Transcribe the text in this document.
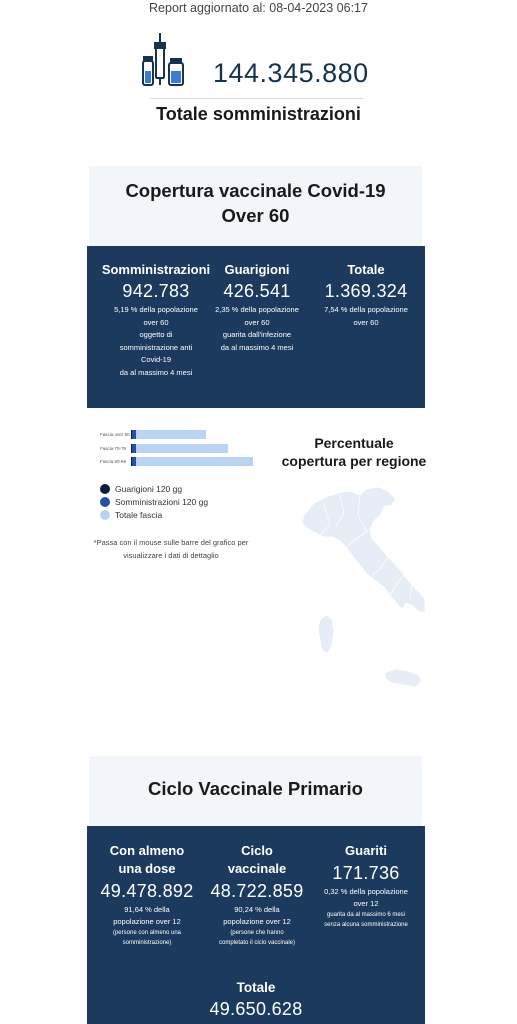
Report aggiornato al: 08-04-2023 06:17
144.345.880
Totale somministrazioni
Copertura vaccinale Covid-19
Over 60
Somministrazioni
942.783
5,19 % della popolazione
over 60
oggetto di
somministrazione anti
Covid-19
da al massimo 4 mesi
Guarigioni
426.541
2,35 % della popolazione
over 60
guarita dall'infezione
da al massimo 4 mesi
Totale
1.369.324
7,54 % della popolazione
over 60
Fascia over 80
Fascia 70-79
Fascia 60-69
Guarigioni 120 gg
Somministrazioni 120 gg
Totale fascia
*Passa con il mouse sulle barre del grafico per
visualizzare i dati di dettaglio
Percentuale
copertura per regione
Ciclo Vaccinale Primario
Con almeno
una dose
49.478.892
91,64 % della
popolazione over 12
(persone con almeno una
somministrazione)
Ciclo
vaccinale
48.722.859
90,24 % della
popolazione over 12
(persone che hanno
completato il ciclo vaccinale)
Guariti
171.736
0,32 % della popolazione
over 12
guarita da al massimo 6 mesi
senza alcuna somministrazione
Totale
49.650.628
